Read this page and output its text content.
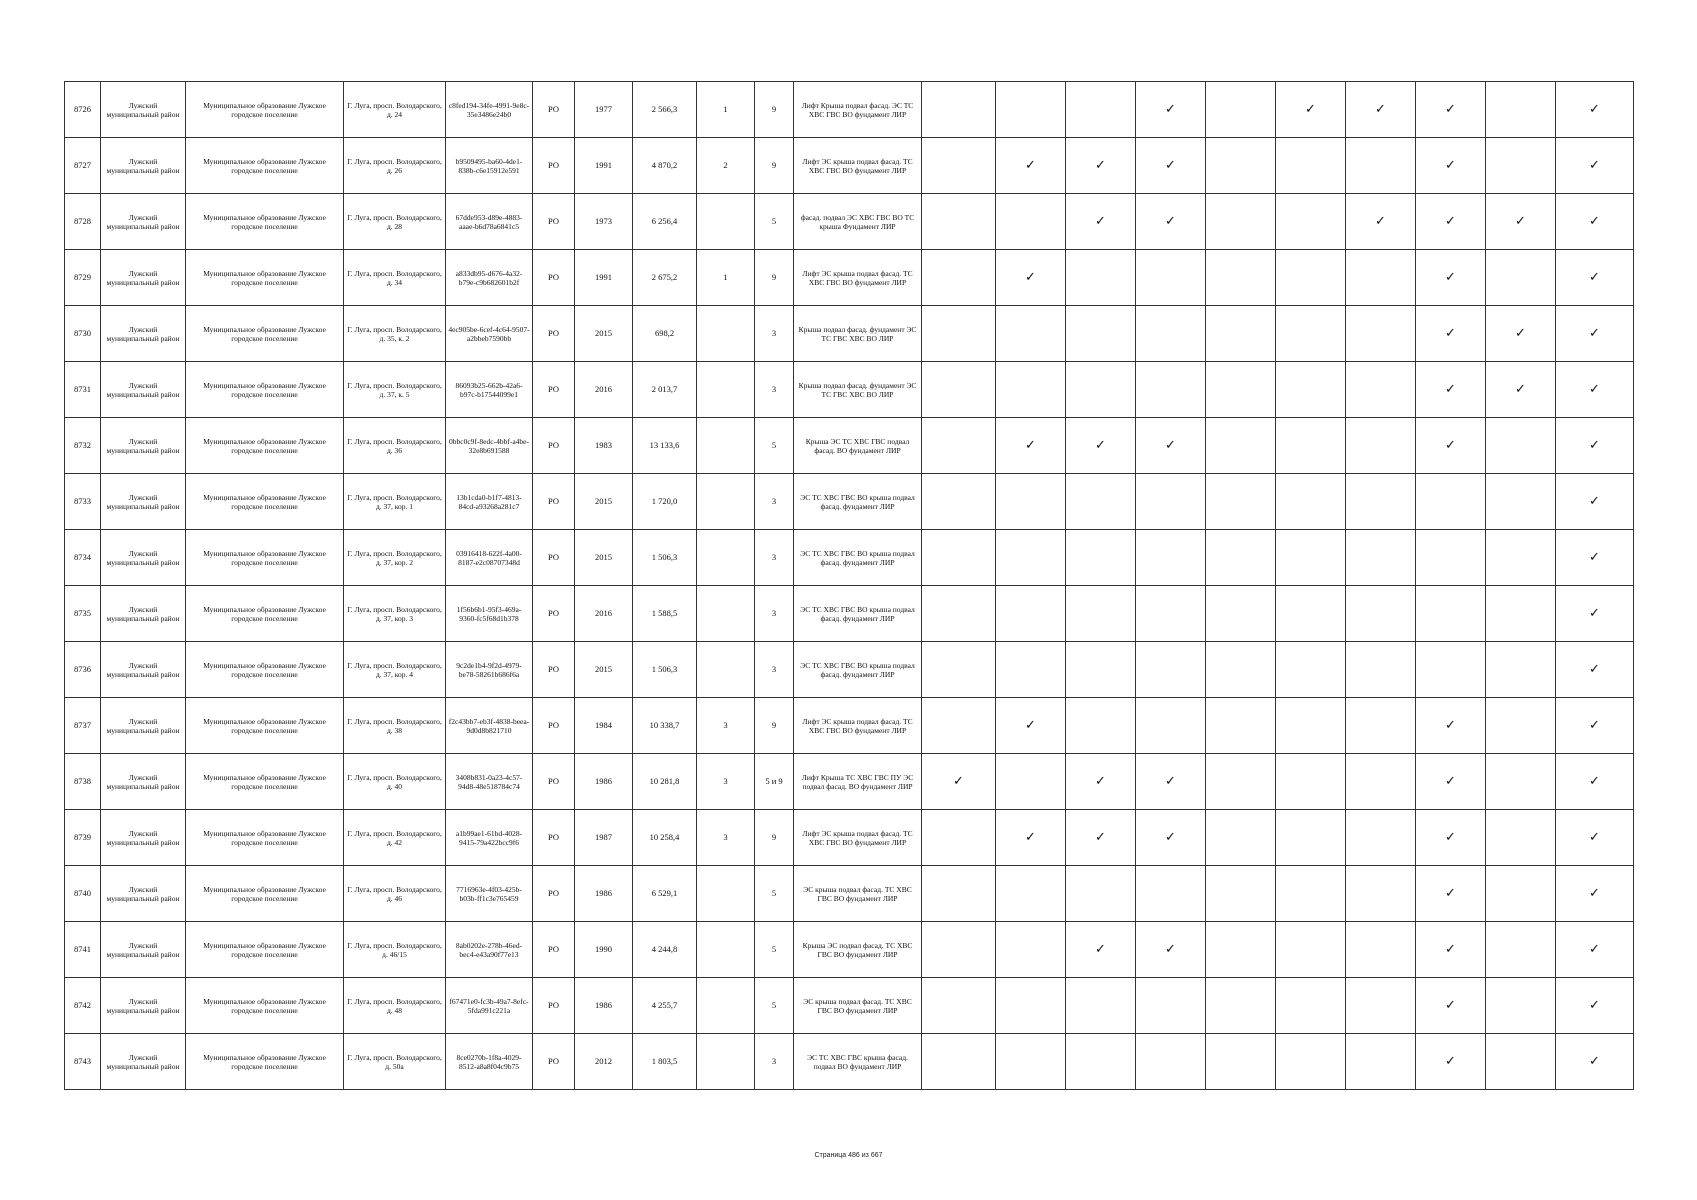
8726	Лужский муниципальный район	Муниципальное образование Лужское городское поселение	Г. Луга, просп. Володарского, д. 24	c8fed194-34fe-4991-9e8c-35e3486e24b0	РО	1977	2 566,3	1	9	Лифт Крыша подвал фасад. ЭС ТС ХВС ГВС ВО фундамент ЛИР				✓		✓	✓	✓		✓
8727	Лужский муниципальный район	Муниципальное образование Лужское городское поселение	Г. Луга, просп. Володарского, д. 26	b9509495-ba60-4de1-838b-c6e15912e591	РО	1991	4 870,2	2	9	Лифт ЭС крыша подвал фасад. ТС ХВС ГВС ВО фундамент ЛИР		✓	✓	✓				✓		✓
8728	Лужский муниципальный район	Муниципальное образование Лужское городское поселение	Г. Луга, просп. Володарского, д. 28	67dde953-d89e-4883-aaae-b6d78a6841c5	РО	1973	6 256,4		5	фасад. подвал ЭС ХВС ГВС ВО ТС крыша Фундамент ЛИР			✓	✓			✓	✓	✓	✓
8729	Лужский муниципальный район	Муниципальное образование Лужское городское поселение	Г. Луга, просп. Володарского, д. 34	a833db95-d676-4a32-b79e-c9b682601b2f	РО	1991	2 675,2	1	9	Лифт ЭС крыша подвал фасад. ТС ХВС ГВС ВО фундамент ЛИР		✓						✓		✓
8730	Лужский муниципальный район	Муниципальное образование Лужское городское поселение	Г. Луга, просп. Володарского, д. 35, к. 2	4ec905be-6cef-4c64-9507-a2bbeb7590bb	РО	2015	698,2		3	Крыша подвал фасад. фундамент ЭС ТС ГВС ХВС ВО ЛИР								✓	✓	✓
8731	Лужский муниципальный район	Муниципальное образование Лужское городское поселение	Г. Луга, просп. Володарского, д. 37, к. 5	86093b25-662b-42a6-b97c-b17544099e1	РО	2016	2 013,7		3	Крыша подвал фасад. фундамент ЭС ТС ГВС ХВС ВО ЛИР								✓	✓	✓
8732	Лужский муниципальный район	Муниципальное образование Лужское городское поселение	Г. Луга, просп. Володарского, д. 36	0bbc0c9f-8edc-4bbf-a4be-32e8b691588	РО	1983	13 133,6		5	Крыша ЭС ТС ХВС ГВС подвал фасад. ВО фундамент ЛИР		✓	✓	✓				✓		✓
8733	Лужский муниципальный район	Муниципальное образование Лужское городское поселение	Г. Луга, просп. Володарского, д. 37, кор. 1	13b1cda0-b1f7-4813-84cd-a93268a281c7	РО	2015	1 720,0		3	ЭС ТС ХВС ГВС ВО крыша подвал фасад. фундамент ЛИР										✓
8734	Лужский муниципальный район	Муниципальное образование Лужское городское поселение	Г. Луга, просп. Володарского, д. 37, кор. 2	03916418-622f-4a00-8187-e2c08707348d	РО	2015	1 506,3		3	ЭС ТС ХВС ГВС ВО крыша подвал фасад. фундамент ЛИР										✓
8735	Лужский муниципальный район	Муниципальное образование Лужское городское поселение	Г. Луга, просп. Володарского, д. 37, кор. 3	1f56b6b1-95f3-469a-9360-fc5f68d1b378	РО	2016	1 588,5		3	ЭС ТС ХВС ГВС ВО крыша подвал фасад. фундамент ЛИР										✓
8736	Лужский муниципальный район	Муниципальное образование Лужское городское поселение	Г. Луга, просп. Володарского, д. 37, кор. 4	9c2de1b4-9f2d-4979-be78-58261b686f6a	РО	2015	1 506,3		3	ЭС ТС ХВС ГВС ВО крыша подвал фасад. фундамент ЛИР										✓
8737	Лужский муниципальный район	Муниципальное образование Лужское городское поселение	Г. Луга, просп. Володарского, д. 38	f2c43bb7-eb3f-4838-beea-9d0d8b821710	РО	1984	10 338,7	3	9	Лифт ЭС крыша подвал фасад. ТС ХВС ГВС ВО фундамент ЛИР		✓						✓		✓
8738	Лужский муниципальный район	Муниципальное образование Лужское городское поселение	Г. Луга, просп. Володарского, д. 40	3408b831-0a23-4c57-94d8-48e518784c74	РО	1986	10 281,8	3	5 и 9	Лифт Крыша ТС ХВС ГВС ПУ ЭС подвал фасад. ВО фундамент ЛИР	✓		✓	✓				✓		✓
8739	Лужский муниципальный район	Муниципальное образование Лужское городское поселение	Г. Луга, просп. Володарского, д. 42	a1b99ae1-61bd-4028-9415-79a422bcc9f6	РО	1987	10 258,4	3	9	Лифт ЭС крыша подвал фасад. ТС ХВС ГВС ВО фундамент ЛИР		✓	✓	✓				✓		✓
8740	Лужский муниципальный район	Муниципальное образование Лужское городское поселение	Г. Луга, просп. Володарского, д. 46	7716963e-4f03-425b-b03b-ff1c3e765459	РО	1986	6 529,1		5	ЭС крыша подвал фасад. ТС ХВС ГВС ВО фундамент ЛИР								✓		✓
8741	Лужский муниципальный район	Муниципальное образование Лужское городское поселение	Г. Луга, просп. Володарского, д. 46/15	8ab0202e-278b-46ed-bec4-e43a90f77e13	РО	1990	4 244,8		5	Крыша ЭС подвал фасад. ТС ХВС ГВС ВО фундамент ЛИР			✓	✓				✓		✓
8742	Лужский муниципальный район	Муниципальное образование Лужское городское поселение	Г. Луга, просп. Володарского, д. 48	f67471e0-fc3b-49a7-8efc-5fda991c221a	РО	1986	4 255,7		5	ЭС крыша подвал фасад. ТС ХВС ГВС ВО фундамент ЛИР								✓		✓
8743	Лужский муниципальный район	Муниципальное образование Лужское городское поселение	Г. Луга, просп. Володарского, д. 50а	8ce0270b-1f8a-4029-8512-a8a8f04c9b75	РО	2012	1 803,5		3	ЭС ТС ХВС ГВС крыша фасад. подвал ВО фундамент ЛИР								✓		✓
Страница 486 из 667
